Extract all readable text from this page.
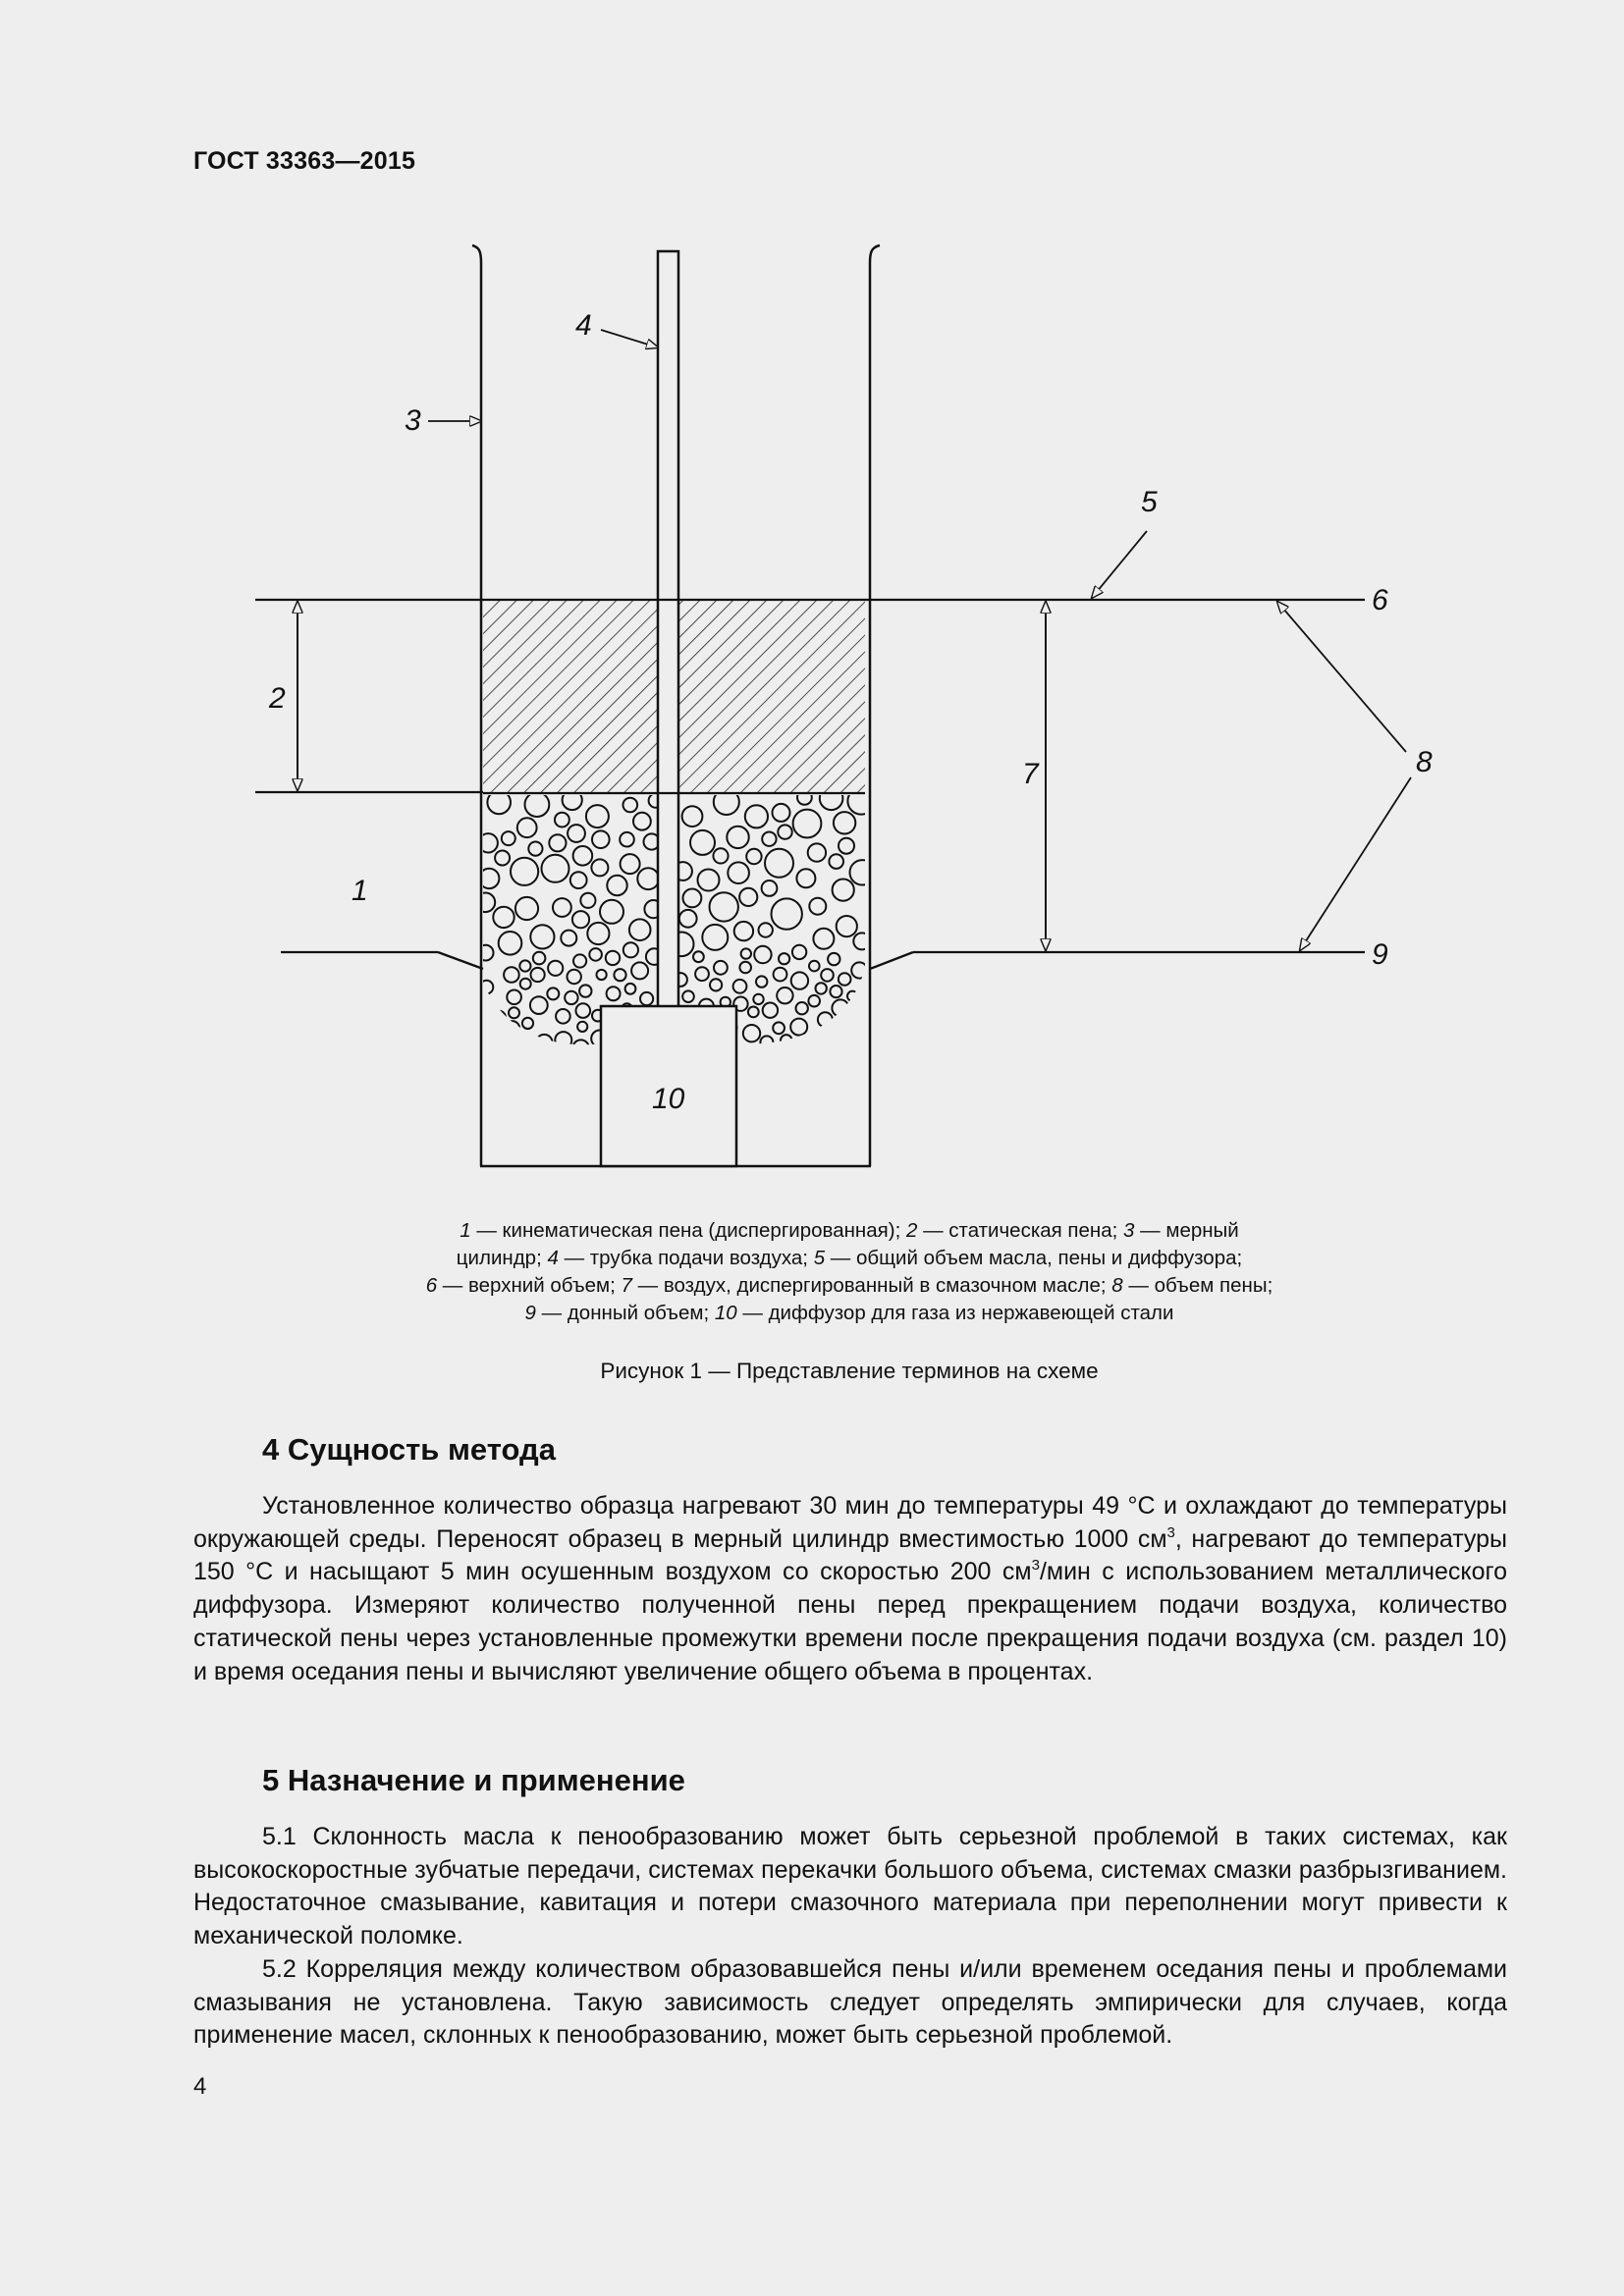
ГОСТ 33363—2015
1
2
3
4
5
6
7	8
9
10
1 — кинематическая пена (диспергированная); 2 — статическая пена; 3 — мерный
цилиндр; 4 — трубка подачи воздуха; 5 — общий объем масла, пены и диффузора;
6 — верхний объем; 7 — воздух, диспергированный в смазочном масле; 8 — объем пены;
9 — донный объем; 10 — диффузор для газа из нержавеющей стали
Рисунок 1 — Представление терминов на схеме
4 Сущность метода

Установленное количество образца нагревают 30 мин до температуры 49 °С и охлаждают до температуры окружающей среды. Переносят образец в мерный цилиндр вместимостью 1000 $см^3$, нагревают до температуры 150 °С и насыщают 5 мин осушенным воздухом со скоростью 200 $см^3$/мин с использованием металлического диффузора. Измеряют количество полученной пены перед прекращением подачи воздуха, количество статической пены через установленные промежутки времени после прекращения подачи воздуха (см. раздел 10) и время оседания пены и вычисляют увеличение общего объема в процентах.

5 Назначение и применение

5.1 Склонность масла к пенообразованию может быть серьезной проблемой в таких системах, как высокоскоростные зубчатые передачи, системах перекачки большого объема, системах смазки разбрызгиванием. Недостаточное смазывание, кавитация и потери смазочного материала при переполнении могут привести к механической поломке.

5.2 Корреляция между количеством образовавшейся пены и/или временем оседания пены и проблемами смазывания не установлена. Такую зависимость следует определять эмпирически для случаев, когда применение масел, склонных к пенообразованию, может быть серьезной проблемой.

4
